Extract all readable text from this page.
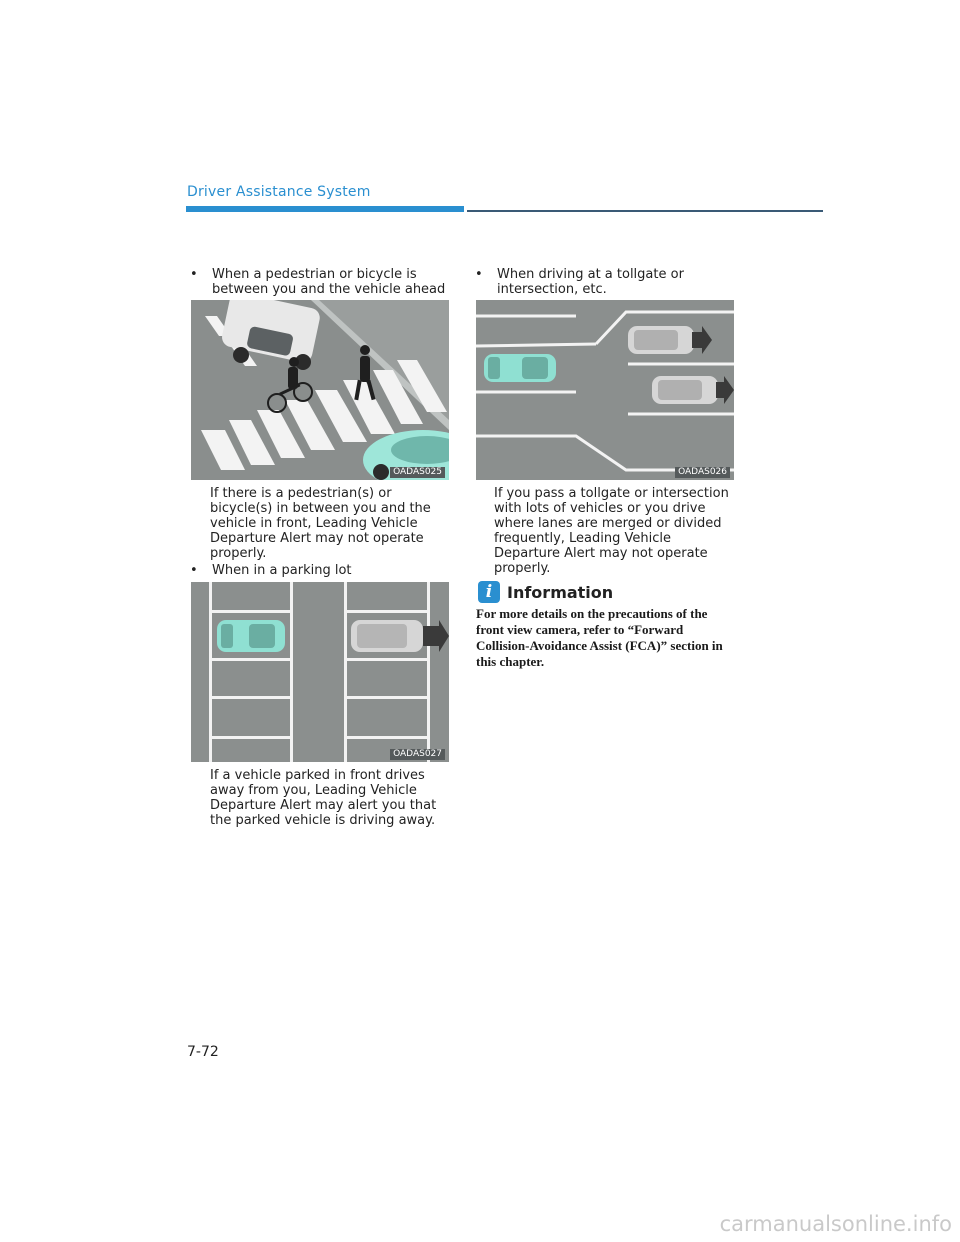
Driver Assistance System
• When a pedestrian or bicycle is between you and the vehicle ahead
OADAS025
If there is a pedestrian(s) or bicycle(s) in between you and the vehicle in front, Leading Vehicle Departure Alert may not operate properly.
• When in a parking lot
OADAS027
If a vehicle parked in front drives away from you, Leading Vehicle Departure Alert may alert you that the parked vehicle is driving away.
• When driving at a tollgate or intersection, etc.
OADAS026
If you pass a tollgate or intersection with lots of vehicles or you drive where lanes are merged or divided frequently, Leading Vehicle Departure Alert may not operate properly.
i Information
For more details on the precautions of the front view camera, refer to “Forward Collision-Avoidance Assist (FCA)” section in this chapter.
7-72
carmanualsonline.info
